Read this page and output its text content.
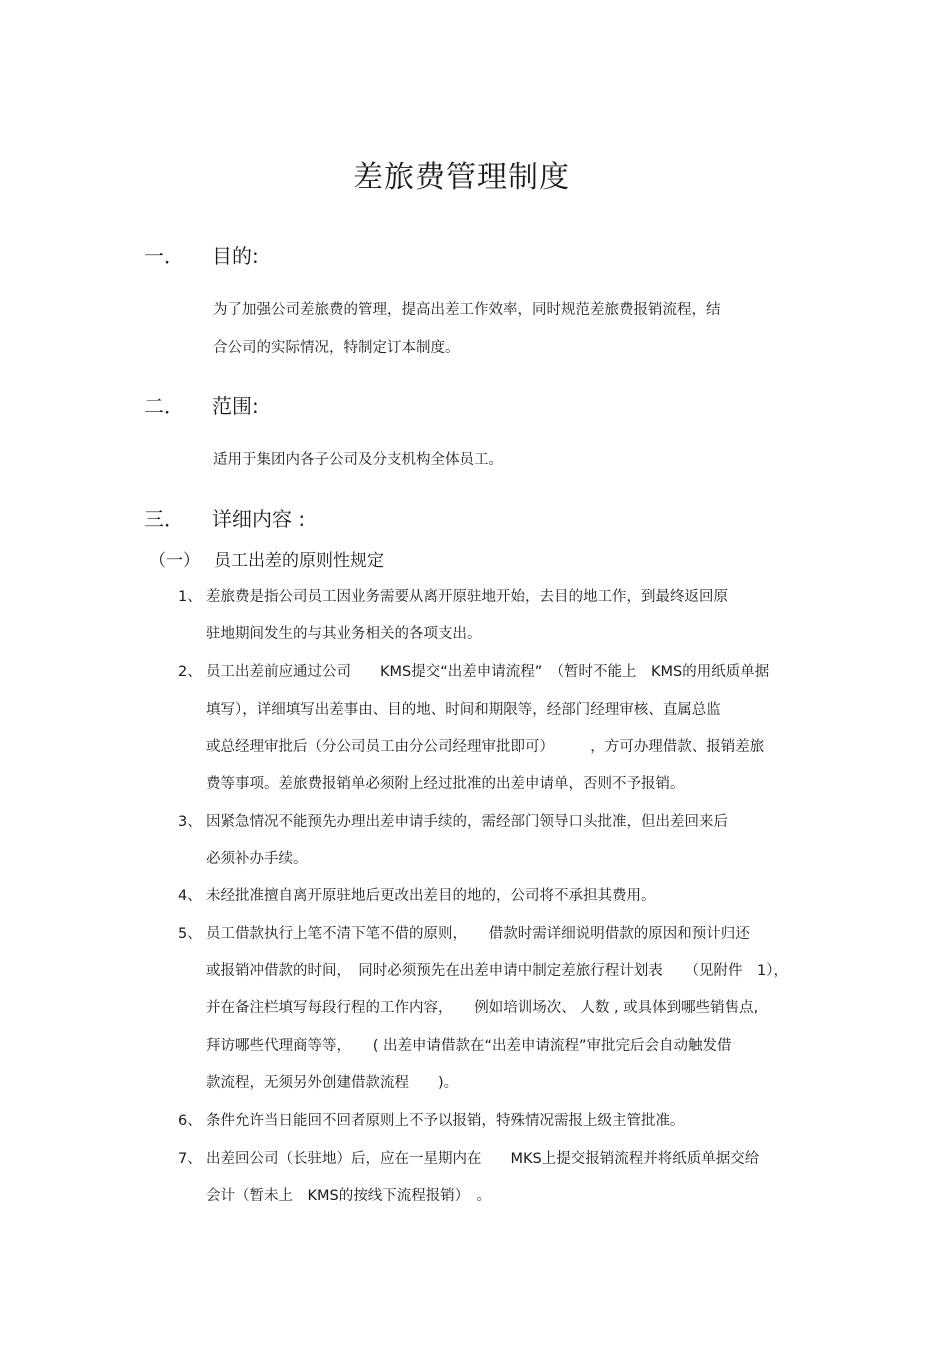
差旅费管理制度
一． 目的:
为了加强公司差旅费的管理，提高出差工作效率，同时规范差旅费报销流程，结
合公司的实际情况，特制定订本制度。
二． 范围:
适用于集团内各子公司及分支机构全体员工。
三． 详细内容 :
（一） 员工出差的原则性规定
1、 差旅费是指公司员工因业务需要从离开原驻地开始，去目的地工作，到最终返回原
驻地期间发生的与其业务相关的各项支出。
2、 员工出差前应通过公司　　KMS提交“出差申请流程”　（暂时不能上　KMS的用纸质单据
填写），详细填写出差事由、目的地、时间和期限等，经部门经理审核、直属总监
或总经理审批后（分公司员工由分公司经理审批即可）　　　，方可办理借款、报销差旅
费等事项。差旅费报销单必须附上经过批准的出差申请单，否则不予报销。
3、 因紧急情况不能预先办理出差申请手续的，需经部门领导口头批准，但出差回来后
必须补办手续。
4、 未经批准擅自离开原驻地后更改出差目的地的，公司将不承担其费用。
5、 员工借款执行上笔不清下笔不借的原则，　　借款时需详细说明借款的原因和预计归还
或报销冲借款的时间，　同时必须预先在出差申请中制定差旅行程计划表　　（见附件　1），
并在备注栏填写每段行程的工作内容，　　例如培训场次、 人数 , 或具体到哪些销售点,
拜访哪些代理商等等，　　( 出差申请借款在“出差申请流程”审批完后会自动触发借
款流程，无须另外创建借款流程　　)。
6、 条件允许当日能回不回者原则上不予以报销，特殊情况需报上级主管批准。
7、 出差回公司（长驻地）后，应在一星期内在　　MKS上提交报销流程并将纸质单据交给
会计（暂未上　KMS的按线下流程报销）　。
